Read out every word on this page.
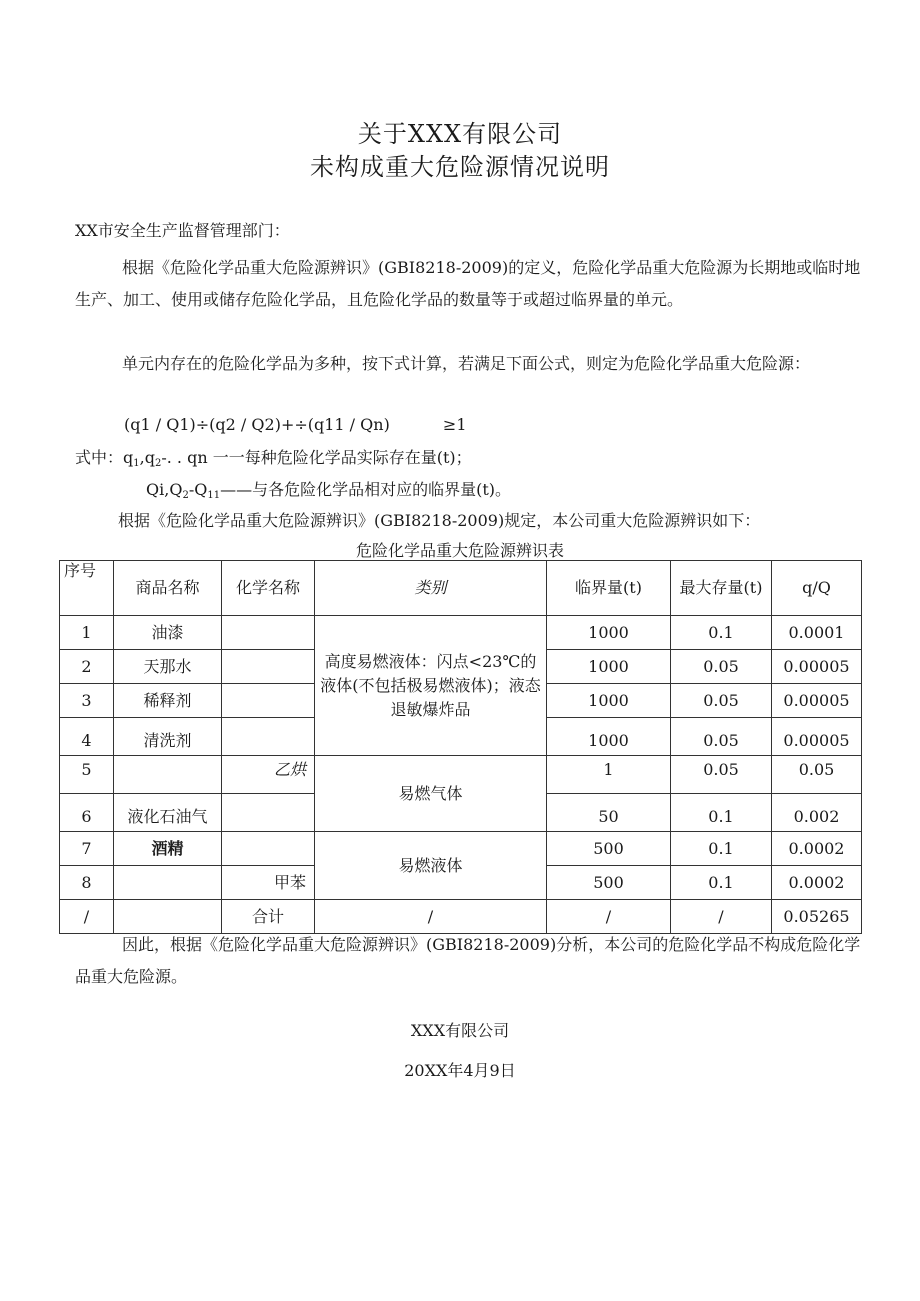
关于XXX有限公司
未构成重大危险源情况说明
XX市安全生产监督管理部门：
根据《危险化学品重大危险源辨识》(GBI8218-2009)的定义，危险化学品重大危险源为长期地或临时地生产、加工、使用或储存危险化学品，且危险化学品的数量等于或超过临界量的单元。
单元内存在的危险化学品为多种，按下式计算，若满足下面公式，则定为危险化学品重大危险源：
(q1 / Q1)÷(q2 / Q2)+÷(q11 / Qn)	≥1
式中：$q_1,q_2-$. . qn 一一每种危险化学品实际存在量(t)；
$Qi,Q_2-Q_{11}——$与各危险化学品相对应的临界量(t)。
根据《危险化学品重大危险源辨识》(GBI8218-2009)规定，本公司重大危险源辨识如下：
危险化学品重大危险源辨识表
序号	商品名称	化学名称	类别	临界量(t)	最大存量(t)	q/Q
1	油漆		高度易燃液体：闪点<23℃的液体(不包括极易燃液体)；液态退敏爆炸品	1000	0.1	0.0001
2	天那水			1000	0.05	0.00005
3	稀释剂			1000	0.05	0.00005
4	清洗剂			1000	0.05	0.00005
5		乙烘	易燃气体	1	0.05	0.05
6	液化石油气			50	0.1	0.002
7	酒精		易燃液体	500	0.1	0.0002
8		甲苯		500	0.1	0.0002
/		合计	/	/	/	0.05265
因此，根据《危险化学品重大危险源辨识》(GBI8218-2009)分析，本公司的危险化学品不构成危险化学品重大危险源。
XXX有限公司
20XX年4月9日
